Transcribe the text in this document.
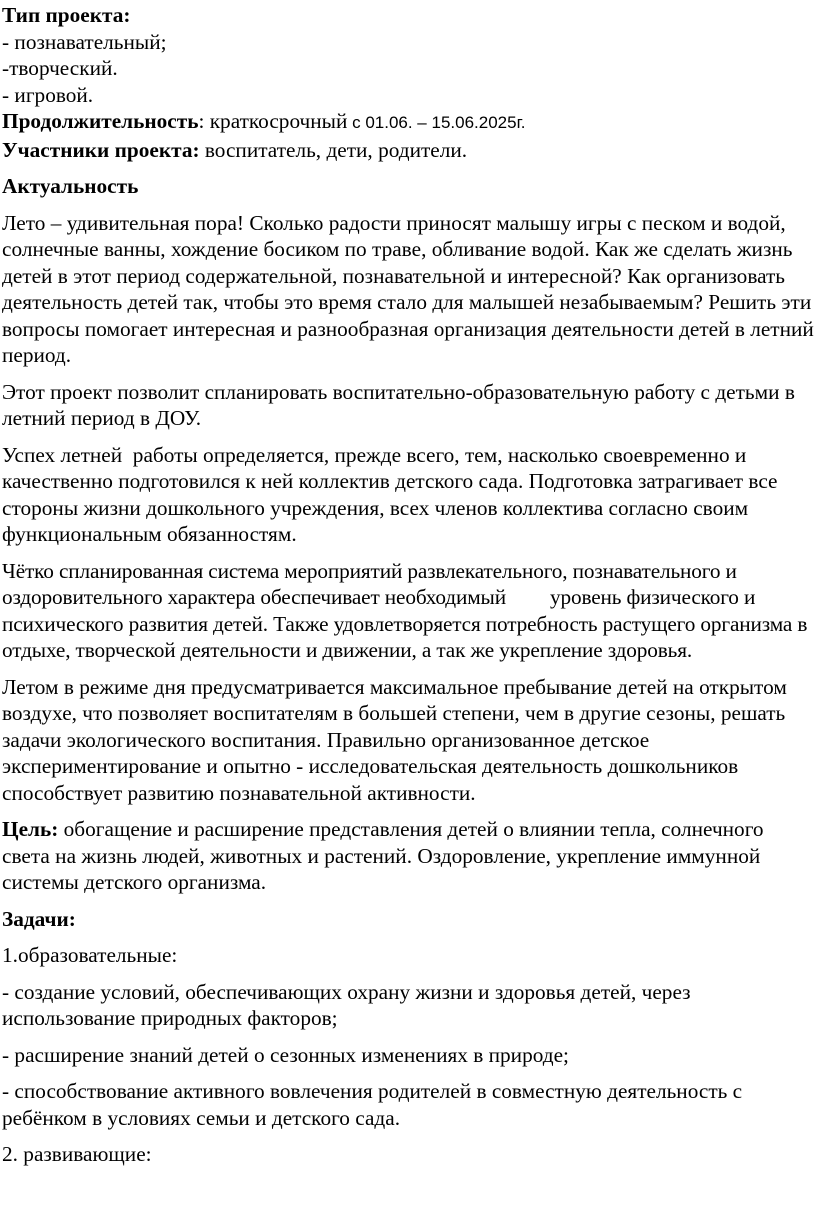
Тип проекта:

- познавательный;

-творческий.

- игровой.

Продолжительность: краткосрочный с 01.06. – 15.06.2025г.

Участники проекта: воспитатель, дети, родители.

Актуальность

Лето – удивительная пора! Сколько радости приносят малышу игры с песком и водой, солнечные ванны, хождение босиком по траве, обливание водой. Как же сделать жизнь детей в этот период содержательной, познавательной и интересной? Как организовать деятельность детей так, чтобы это время стало для малышей незабываемым? Решить эти вопросы помогает интересная и разнообразная организация деятельности детей в летний период.

Этот проект позволит спланировать воспитательно-образовательную работу с детьми в летний период в ДОУ.

Успех летней  работы определяется, прежде всего, тем, насколько своевременно и качественно подготовился к ней коллектив детского сада. Подготовка затрагивает все стороны жизни дошкольного учреждения, всех членов коллектива согласно своим функциональным обязанностям.

Чётко спланированная система мероприятий развлекательного, познавательного и оздоровительного характера обеспечивает необходимый уровень физического и психического развития детей. Также удовлетворяется потребность растущего организма в отдыхе, творческой деятельности и движении, а так же укрепление здоровья.

Летом в режиме дня предусматривается максимальное пребывание детей на открытом воздухе, что позволяет воспитателям в большей степени, чем в другие сезоны, решать задачи экологического воспитания. Правильно организованное детское экспериментирование и опытно - исследовательская деятельность дошкольников способствует развитию познавательной активности.

Цель: обогащение и расширение представления детей о влиянии тепла, солнечного света на жизнь людей, животных и растений. Оздоровление, укрепление иммунной системы детского организма.

Задачи:

1.образовательные:

- создание условий, обеспечивающих охрану жизни и здоровья детей, через использование природных факторов;

- расширение знаний детей о сезонных изменениях в природе;

- способствование активного вовлечения родителей в совместную деятельность с ребёнком в условиях семьи и детского сада.

2. развивающие:
